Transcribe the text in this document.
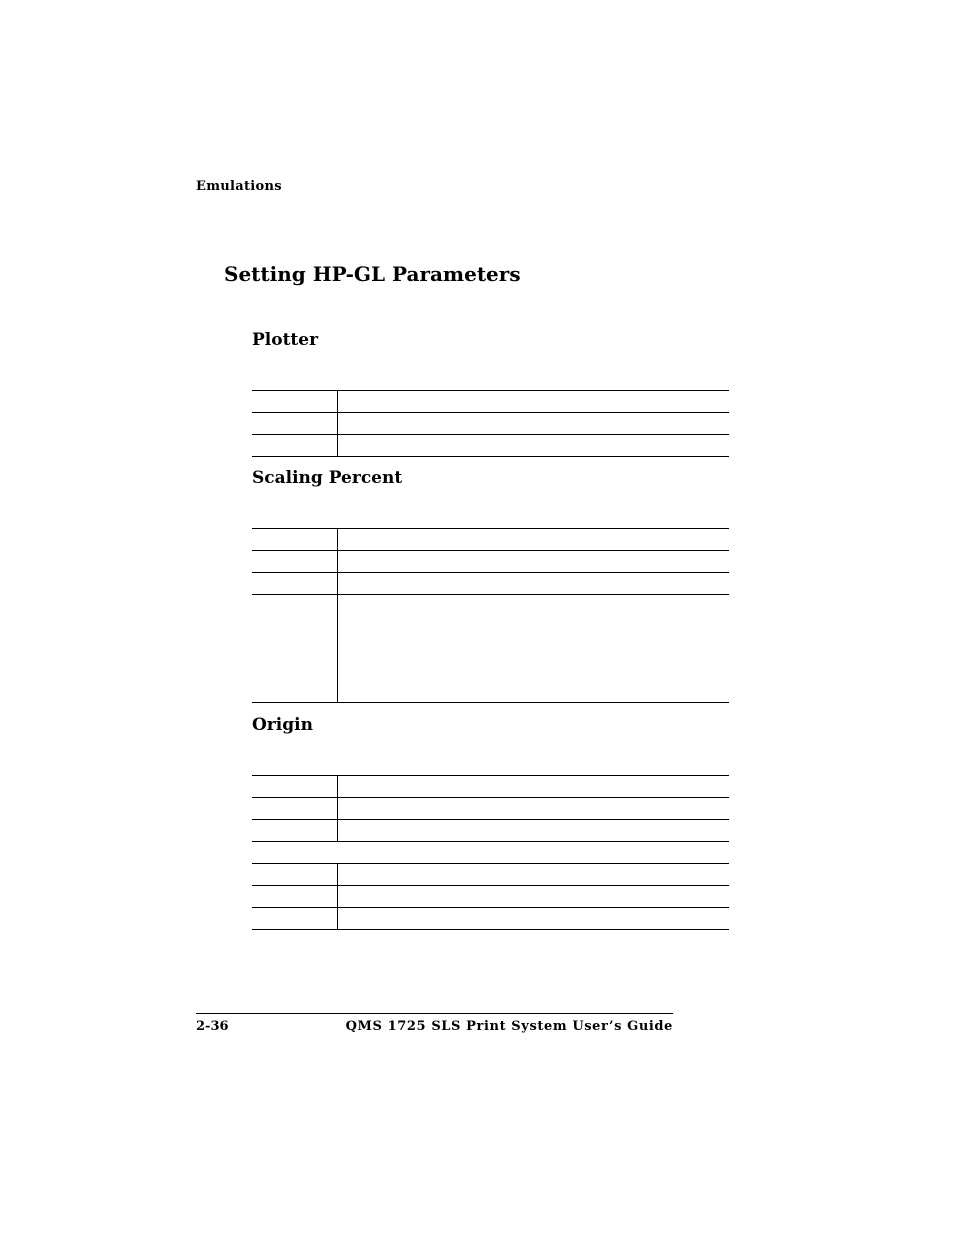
Emulations
Setting HP-GL Parameters
Plotter

Scaling Percent

Origin

2-36	QMS 1725 SLS Print System User’s Guide
